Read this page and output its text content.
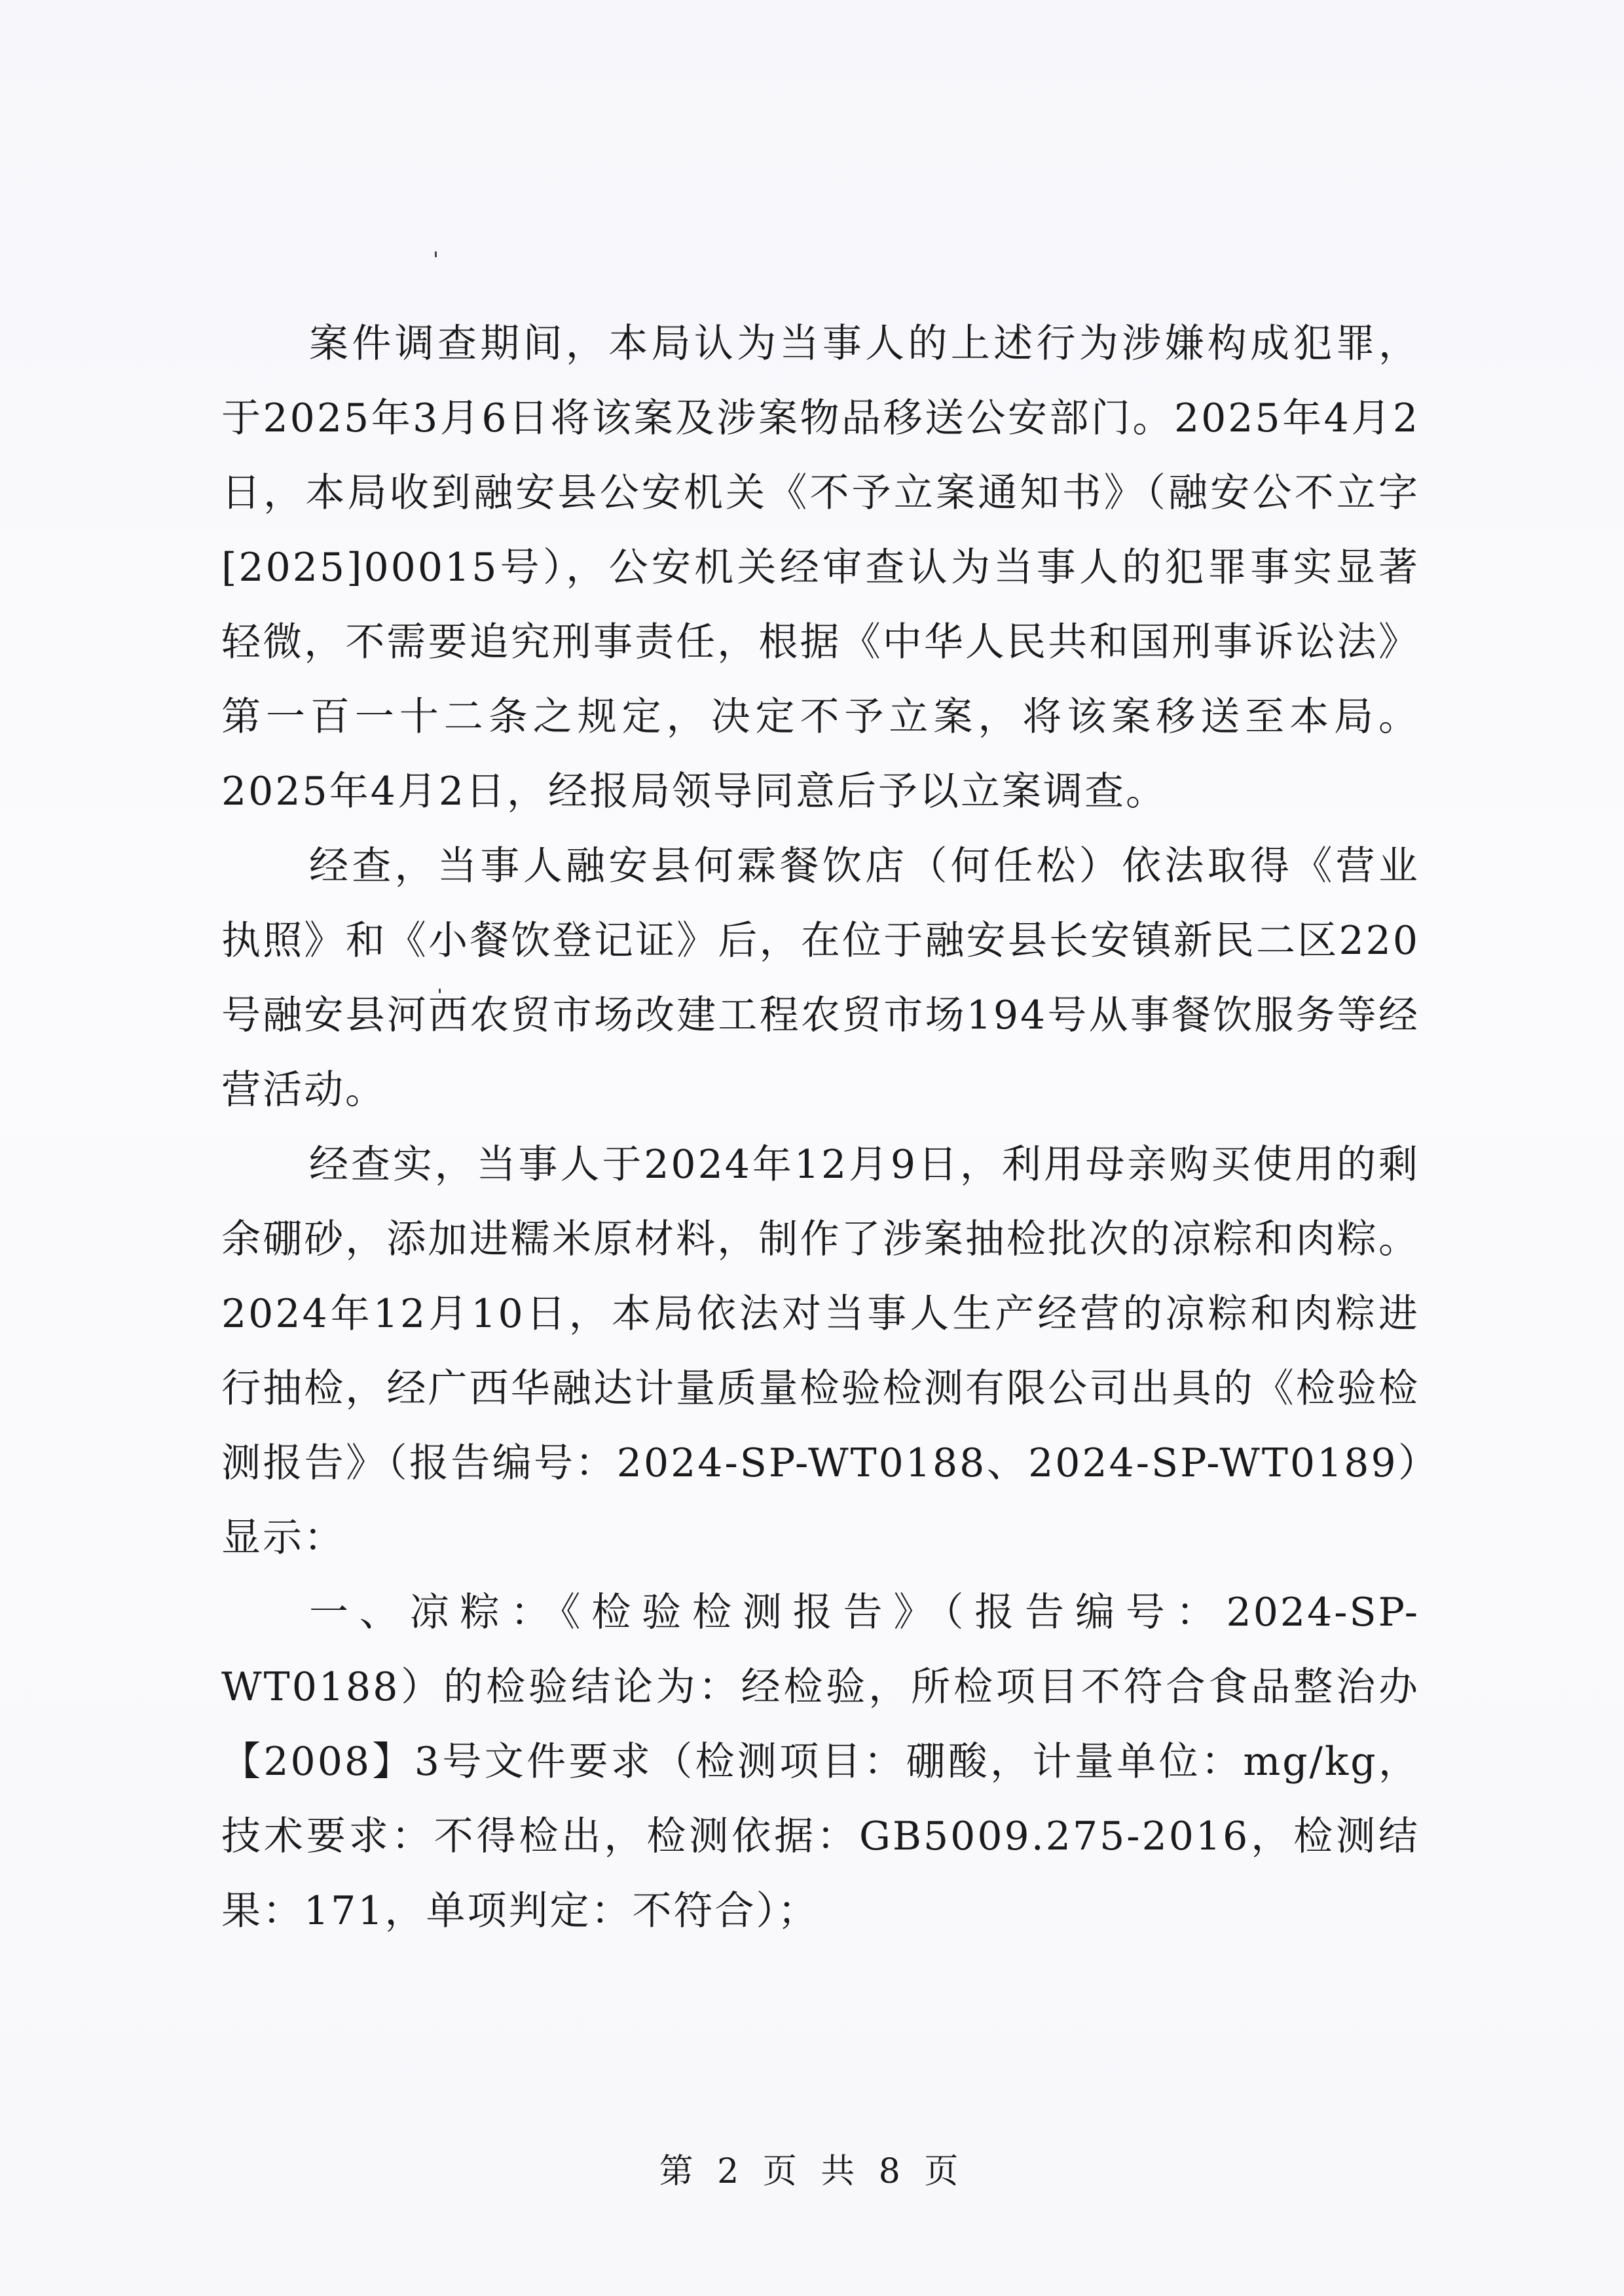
案件调查期间，本局认为当事人的上述行为涉嫌构成犯罪，于2025年3月6日将该案及涉案物品移送公安部门。2025年4月2日，本局收到融安县公安机关《不予立案通知书》（融安公不立字[2025]00015号），公安机关经审查认为当事人的犯罪事实显著轻微，不需要追究刑事责任，根据《中华人民共和国刑事诉讼法》第一百一十二条之规定，决定不予立案，将该案移送至本局。2025年4月2日，经报局领导同意后予以立案调查。

经查，当事人融安县何霖餐饮店（何任松）依法取得《营业执照》和《小餐饮登记证》后，在位于融安县长安镇新民二区220号融安县河西农贸市场改建工程农贸市场194号从事餐饮服务等经营活动。

经查实，当事人于2024年12月9日，利用母亲购买使用的剩余硼砂，添加进糯米原材料，制作了涉案抽检批次的凉粽和肉粽。2024年12月10日，本局依法对当事人生产经营的凉粽和肉粽进行抽检，经广西华融达计量质量检验检测有限公司出具的《检验检测报告》（报告编号：2024-SP-WT0188、2024-SP-WT0189）显示：

一、凉粽：《检验检测报告》（报告编号：2024-SP-WT0188）的检验结论为：经检验，所检项目不符合食品整治办【2008】3号文件要求（检测项目：硼酸，计量单位：mg/kg，技术要求：不得检出，检测依据：GB5009.275-2016，检测结果：171，单项判定：不符合）；

第 2 页 共 8 页
